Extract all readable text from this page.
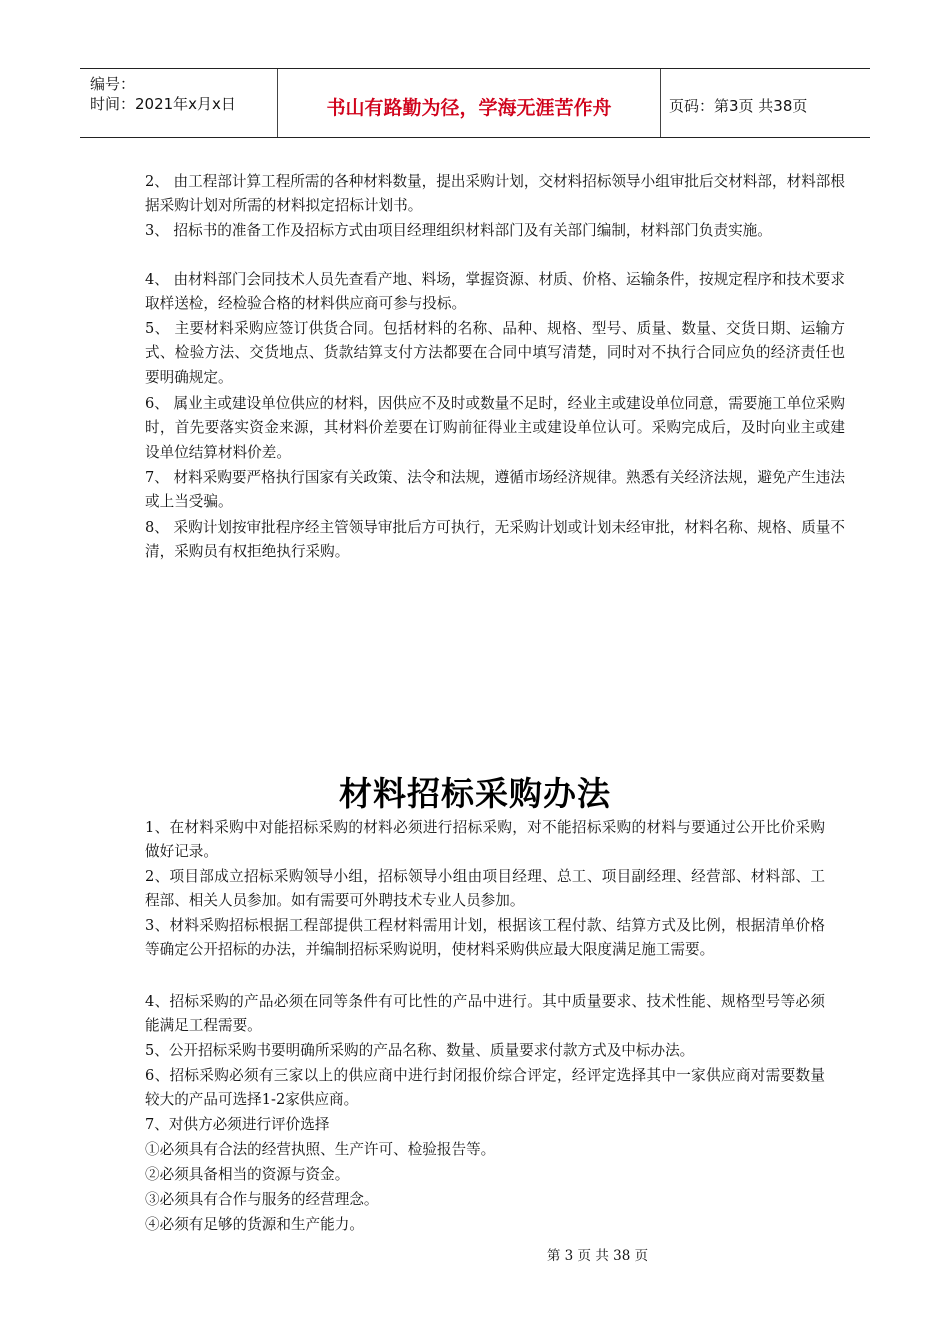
编号：
时间：2021年x月x日	书山有路勤为径，学海无涯苦作舟	页码：第3页 共38页
2、 由工程部计算工程所需的各种材料数量，提出采购计划，交材料招标领导小组审批后交材料部，材料部根据采购计划对所需的材料拟定招标计划书。
3、 招标书的准备工作及招标方式由项目经理组织材料部门及有关部门编制，材料部门负责实施。
4、 由材料部门会同技术人员先查看产地、料场，掌握资源、材质、价格、运输条件，按规定程序和技术要求取样送检，经检验合格的材料供应商可参与投标。
5、 主要材料采购应签订供货合同。包括材料的名称、品种、规格、型号、质量、数量、交货日期、运输方式、检验方法、交货地点、货款结算支付方法都要在合同中填写清楚，同时对不执行合同应负的经济责任也要明确规定。
6、 属业主或建设单位供应的材料，因供应不及时或数量不足时，经业主或建设单位同意，需要施工单位采购时，首先要落实资金来源，其材料价差要在订购前征得业主或建设单位认可。采购完成后，及时向业主或建设单位结算材料价差。
7、 材料采购要严格执行国家有关政策、法令和法规，遵循市场经济规律。熟悉有关经济法规，避免产生违法或上当受骗。
8、 采购计划按审批程序经主管领导审批后方可执行，无采购计划或计划未经审批，材料名称、规格、质量不清，采购员有权拒绝执行采购。
材料招标采购办法
1、在材料采购中对能招标采购的材料必须进行招标采购，对不能招标采购的材料与要通过公开比价采购做好记录。
2、项目部成立招标采购领导小组，招标领导小组由项目经理、总工、项目副经理、经营部、材料部、工程部、相关人员参加。如有需要可外聘技术专业人员参加。
3、材料采购招标根据工程部提供工程材料需用计划，根据该工程付款、结算方式及比例，根据清单价格等确定公开招标的办法，并编制招标采购说明，使材料采购供应最大限度满足施工需要。
4、招标采购的产品必须在同等条件有可比性的产品中进行。其中质量要求、技术性能、规格型号等必须能满足工程需要。
5、公开招标采购书要明确所采购的产品名称、数量、质量要求付款方式及中标办法。
6、招标采购必须有三家以上的供应商中进行封闭报价综合评定，经评定选择其中一家供应商对需要数量较大的产品可选择1-2家供应商。
7、对供方必须进行评价选择
①必须具有合法的经营执照、生产许可、检验报告等。
②必须具备相当的资源与资金。
③必须具有合作与服务的经营理念。
④必须有足够的货源和生产能力。
第 3 页 共 38 页
